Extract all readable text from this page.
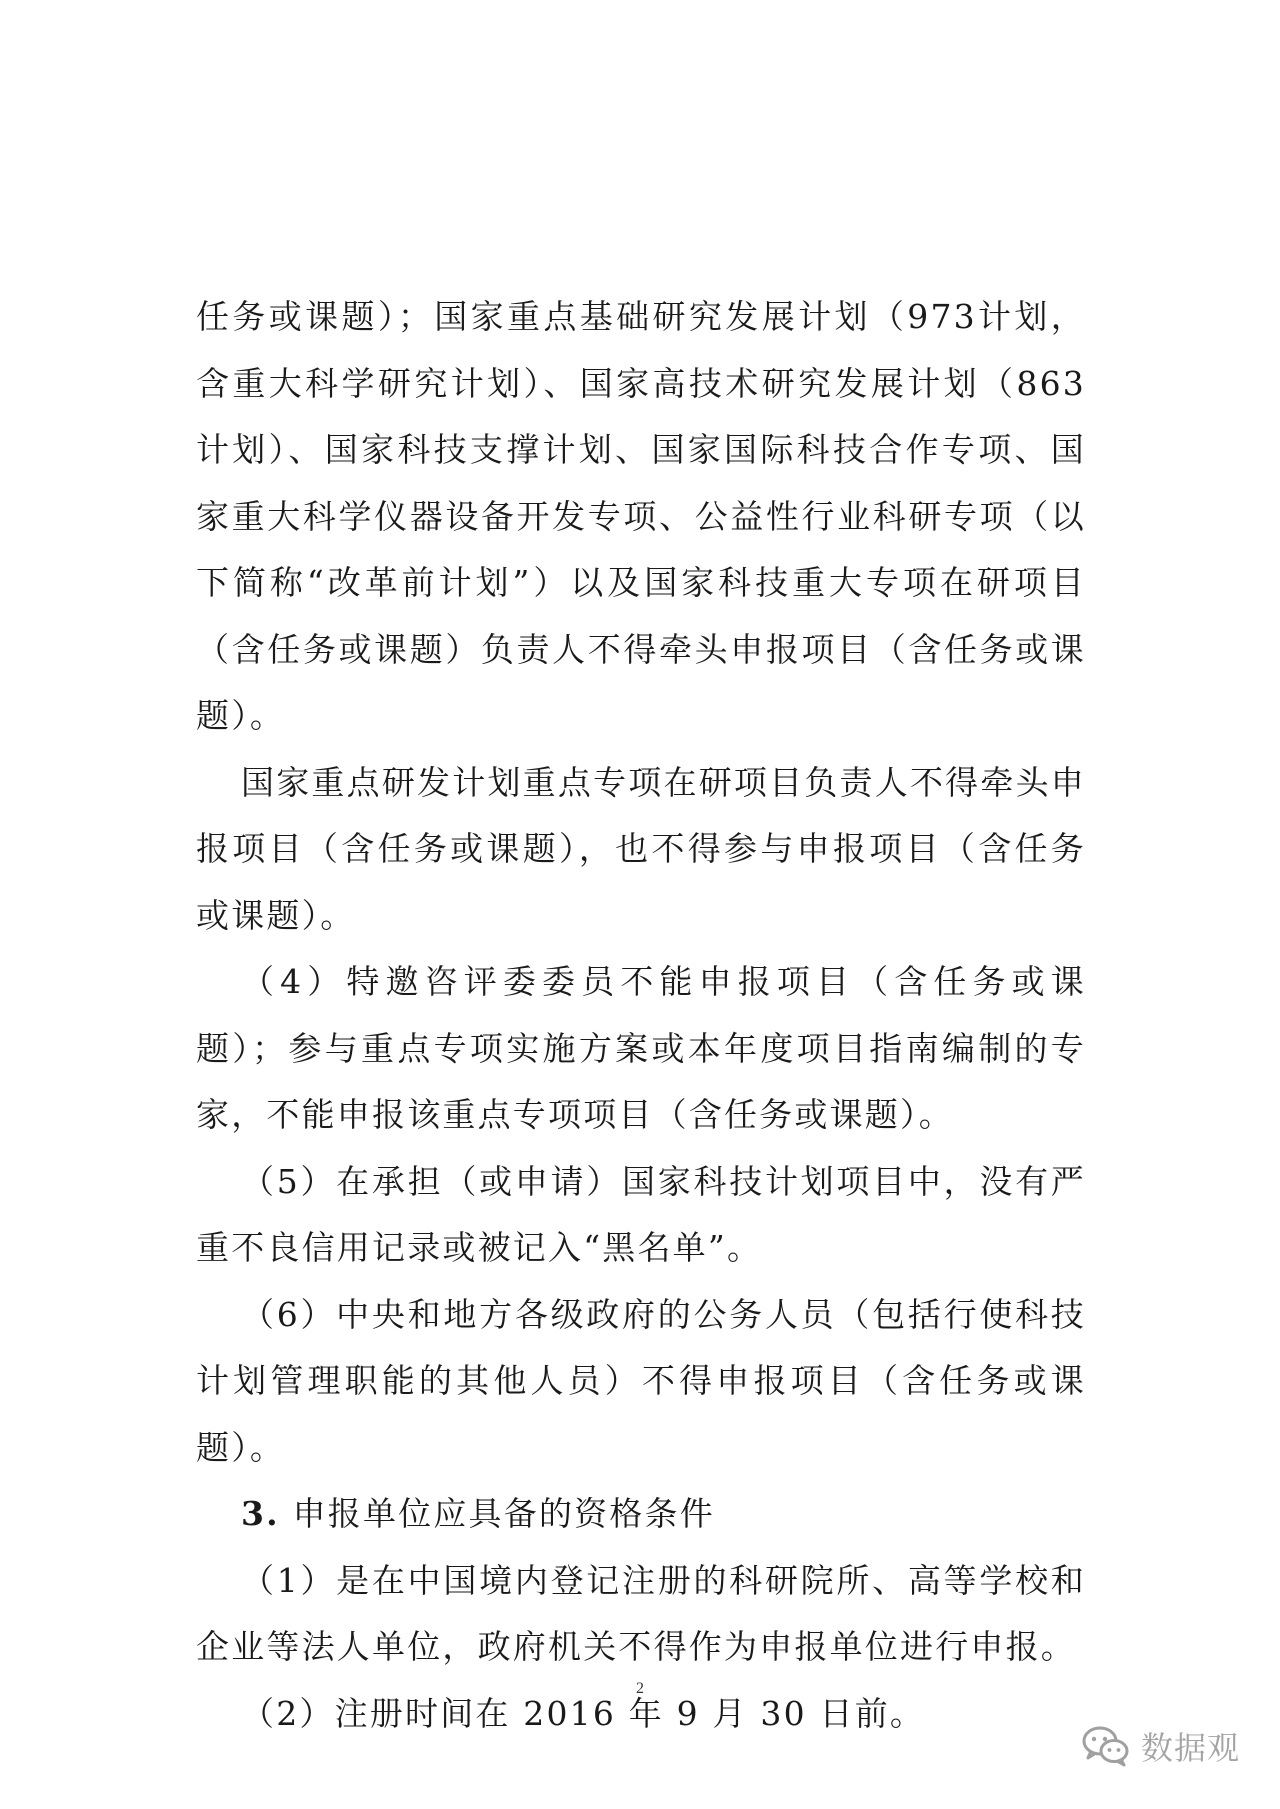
任务或课题）；国家重点基础研究发展计划（973计划，含重大科学研究计划）、国家高技术研究发展计划（863 计划）、国家科技支撑计划、国家国际科技合作专项、国家重大科学仪器设备开发专项、公益性行业科研专项（以下简称“改革前计划”）以及国家科技重大专项在研项目（含任务或课题）负责人不得牵头申报项目（含任务或课题）。

国家重点研发计划重点专项在研项目负责人不得牵头申报项目（含任务或课题），也不得参与申报项目（含任务或课题）。

（4）特邀咨评委委员不能申报项目（含任务或课题）；参与重点专项实施方案或本年度项目指南编制的专家，不能申报该重点专项项目（含任务或课题）。

（5）在承担（或申请）国家科技计划项目中，没有严重不良信用记录或被记入“黑名单”。

（6）中央和地方各级政府的公务人员（包括行使科技计划管理职能的其他人员）不得申报项目（含任务或课题）。

3. 申报单位应具备的资格条件

（1）是在中国境内登记注册的科研院所、高等学校和企业等法人单位，政府机关不得作为申报单位进行申报。

（2）注册时间在 2016 年 9 月 30 日前。

2
数据观
